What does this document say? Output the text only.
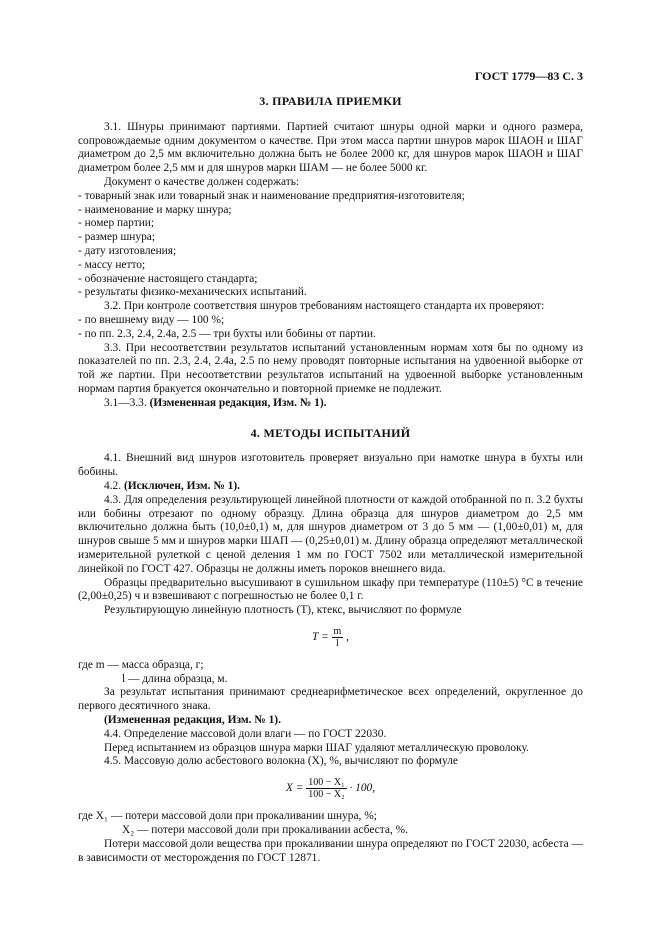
ГОСТ 1779—83 С. 3
3. ПРАВИЛА ПРИЕМКИ

3.1. Шнуры принимают партиями. Партией считают шнуры одной марки и одного размера, сопровождаемые одним документом о качестве. При этом масса партии шнуров марок ШАОН и ШАГ диаметром до 2,5 мм включительно должна быть не более 2000 кг, для шнуров марок ШАОН и ШАГ диаметром более 2,5 мм и для шнуров марки ШАМ — не более 5000 кг.

Документ о качестве должен содержать:

- товарный знак или товарный знак и наименование предприятия-изготовителя;

- наименование и марку шнура;

- номер партии;

- размер шнура;

- дату изготовления;

- массу нетто;

- обозначение настоящего стандарта;

- результаты физико-механических испытаний.

3.2. При контроле соответствия шнуров требованиям настоящего стандарта их проверяют:

- по внешнему виду — 100 %;

- по пп. 2.3, 2.4, 2.4а, 2.5 — три бухты или бобины от партии.

3.3. При несоответствии результатов испытаний установленным нормам хотя бы по одному из показателей по пп. 2.3, 2.4, 2.4а, 2.5 по нему проводят повторные испытания на удвоенной выборке от той же партии. При несоответствии результатов испытаний на удвоенной выборке установленным нормам партия бракуется окончательно и повторной приемке не подлежит.

3.1—3.3. (Измененная редакция, Изм. № 1).

4. МЕТОДЫ ИСПЫТАНИЙ

4.1. Внешний вид шнуров изготовитель проверяет визуально при намотке шнура в бухты или бобины.

4.2. (Исключен, Изм. № 1).

4.3. Для определения результирующей линейной плотности от каждой отобранной по п. 3.2 бухты или бобины отрезают по одному образцу. Длина образца для шнуров диаметром до 2,5 мм включительно должна быть (10,0±0,1) м, для шнуров диаметром от 3 до 5 мм — (1,00±0,01) м, для шнуров свыше 5 мм и шнуров марки ШАП — (0,25±0,01) м. Длину образца определяют металлической измерительной рулеткой с ценой деления 1 мм по ГОСТ 7502 или металлической измерительной линейкой по ГОСТ 427. Образцы не должны иметь пороков внешнего вида.

Образцы предварительно высушивают в сушильном шкафу при температуре (110±5) °С в течение (2,00±0,25) ч и взвешивают с погрешностью не более 0,1 г.

Результирующую линейную плотность (T), ктекс, вычисляют по формуле

$T = \frac{m}{l}$ ,

где m — масса образца, г;

l — длина образца, м.

За результат испытания принимают среднеарифметическое всех определений, округленное до первого десятичного знака.

(Измененная редакция, Изм. № 1).

4.4. Определение массовой доли влаги — по ГОСТ 22030.

Перед испытанием из образцов шнура марки ШАГ удаляют металлическую проволоку.

4.5. Массовую долю асбестового волокна (X), %, вычисляют по формуле

$X = \frac{\text{100 − X₁}}{\text{100 − X₂}} \cdot 100$,

где X₁ — потери массовой доли при прокаливании шнура, %;

X₂ — потери массовой доли при прокаливании асбеста, %.

Потери массовой доли вещества при прокаливании шнура определяют по ГОСТ 22030, асбеста — в зависимости от месторождения по ГОСТ 12871.
